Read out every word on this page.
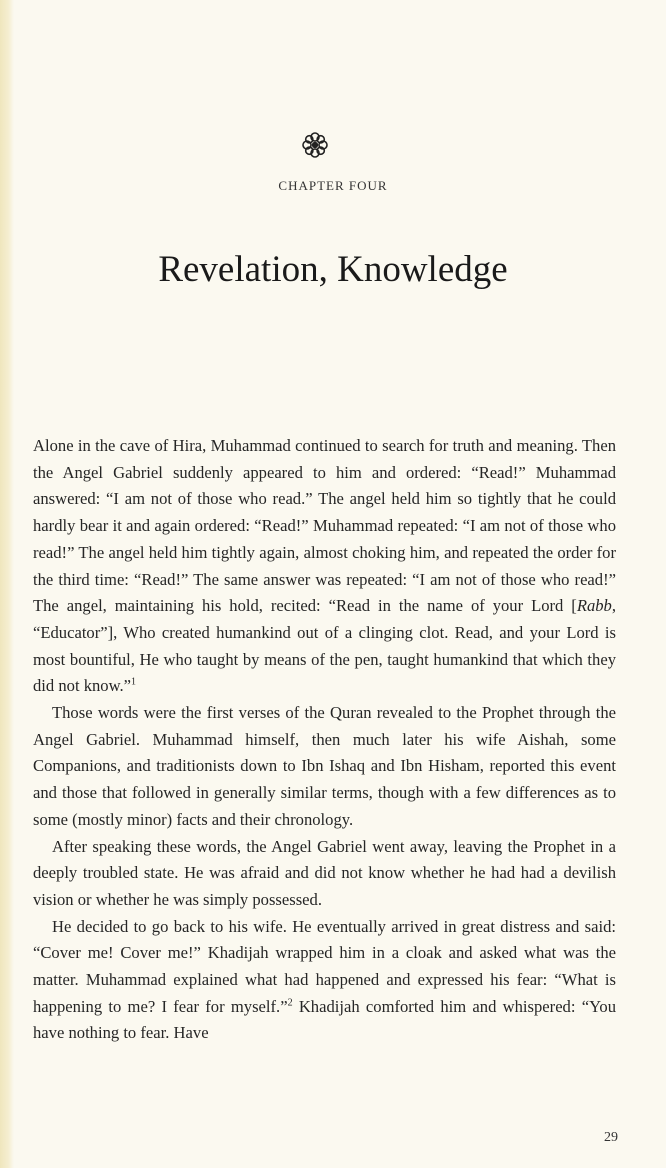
CHAPTER FOUR
Revelation, Knowledge

Alone in the cave of Hira, Muhammad continued to search for truth and meaning. Then the Angel Gabriel suddenly appeared to him and ordered: “Read!” Muhammad answered: “I am not of those who read.” The angel held him so tightly that he could hardly bear it and again ordered: “Read!” Muhammad repeated: “I am not of those who read!” The angel held him tightly again, almost choking him, and repeated the order for the third time: “Read!” The same answer was repeated: “I am not of those who read!” The angel, maintaining his hold, recited: “Read in the name of your Lord [Rabb, “Educator”], Who created humankind out of a clinging clot. Read, and your Lord is most bountiful, He who taught by means of the pen, taught humankind that which they did not know.”$^1$

Those words were the first verses of the Quran revealed to the Prophet through the Angel Gabriel. Muhammad himself, then much later his wife Aishah, some Companions, and traditionists down to Ibn Ishaq and Ibn Hisham, reported this event and those that followed in generally similar terms, though with a few differences as to some (mostly minor) facts and their chronology.

After speaking these words, the Angel Gabriel went away, leaving the Prophet in a deeply troubled state. He was afraid and did not know whether he had had a devilish vision or whether he was simply possessed.

He decided to go back to his wife. He eventually arrived in great distress and said: “Cover me! Cover me!” Khadijah wrapped him in a cloak and asked what was the matter. Muhammad explained what had happened and expressed his fear: “What is happening to me? I fear for myself.”$^2$ Khadijah comforted him and whispered: “You have nothing to fear. Have

29
